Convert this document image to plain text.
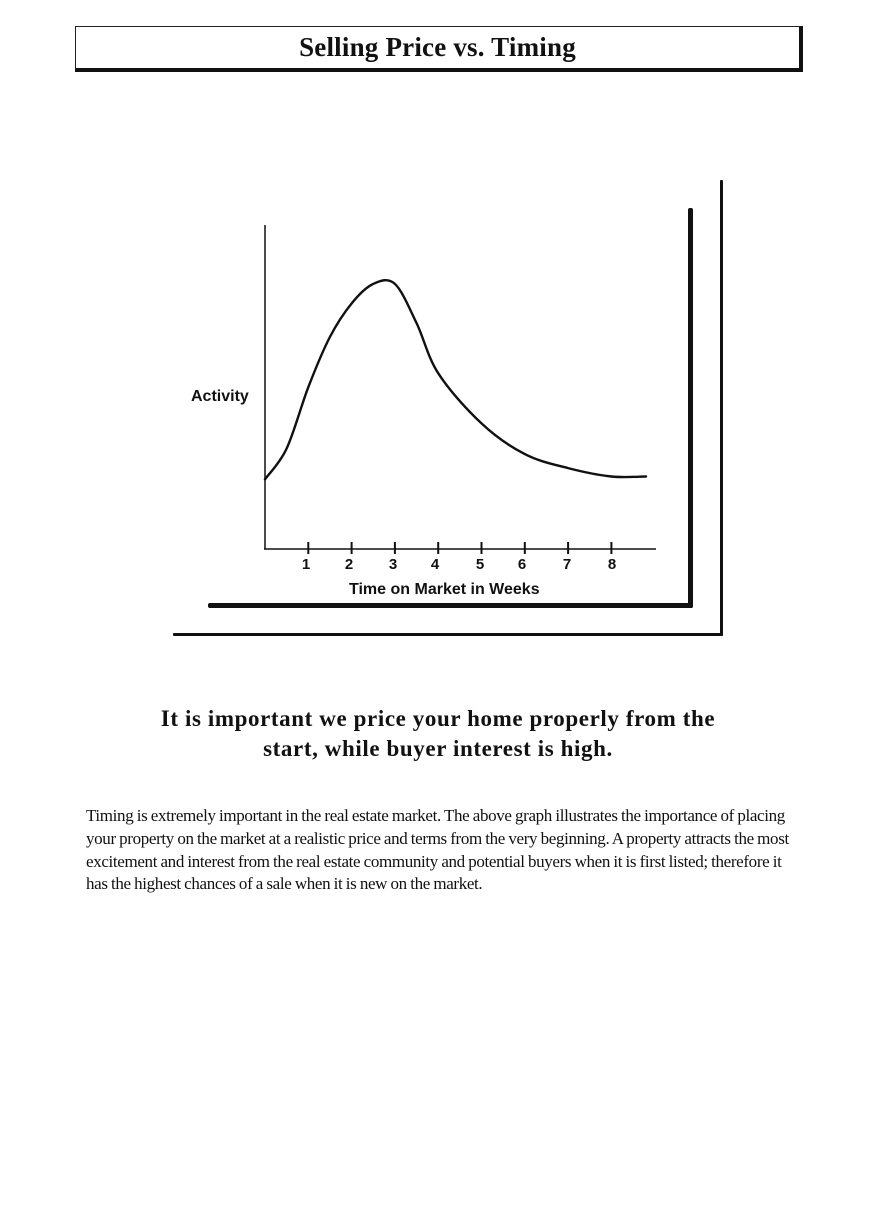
Selling Price vs. Timing
Activity
1 2 3 4 5 6 7 8
Time on Market in Weeks
It is important we price your home properly from the
start, while buyer interest is high.
Timing is extremely important in the real estate market. The above graph illustrates the importance of placing your property on the market at a realistic price and terms from the very beginning. A property attracts the most excitement and interest from the real estate community and potential buyers when it is first listed; therefore it has the highest chances of a sale when it is new on the market.
